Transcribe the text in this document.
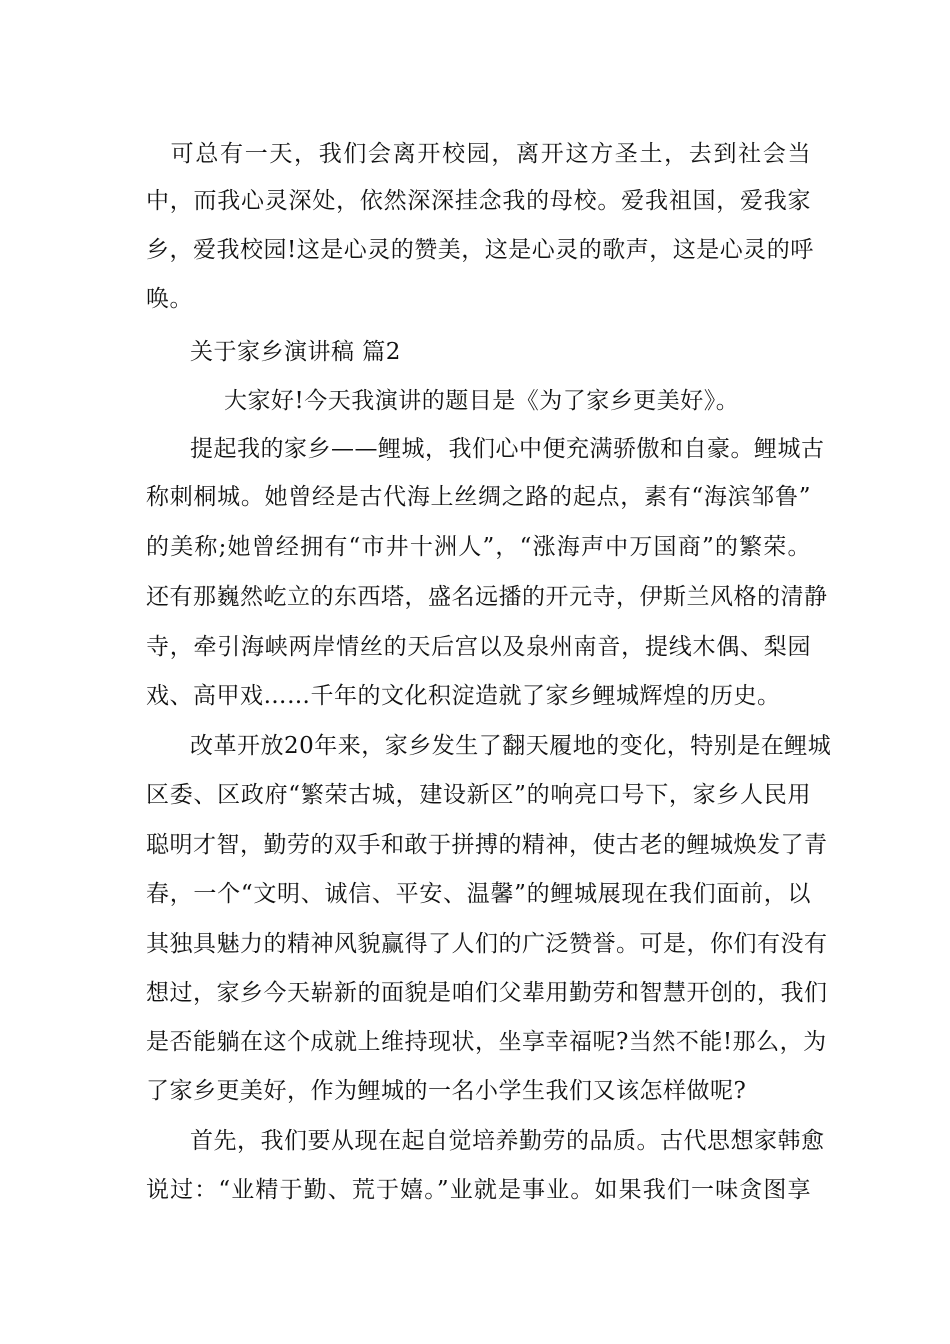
　可总有一天，我们会离开校园，离开这方圣土，去到社会当
中，而我心灵深处，依然深深挂念我的母校。爱我祖国，爱我家
乡，爱我校园!这是心灵的赞美，这是心灵的歌声，这是心灵的呼
唤。
关于家乡演讲稿 篇2
大家好!今天我演讲的题目是《为了家乡更美好》。
提起我的家乡——鲤城，我们心中便充满骄傲和自豪。鲤城古
称刺桐城。她曾经是古代海上丝绸之路的起点，素有“海滨邹鲁”
的美称;她曾经拥有“市井十洲人”，“涨海声中万国商”的繁荣。
还有那巍然屹立的东西塔，盛名远播的开元寺，伊斯兰风格的清静
寺，牵引海峡两岸情丝的天后宫以及泉州南音，提线木偶、梨园
戏、高甲戏……千年的文化积淀造就了家乡鲤城辉煌的历史。
改革开放20年来，家乡发生了翻天履地的变化，特别是在鲤城
区委、区政府“繁荣古城，建设新区”的响亮口号下，家乡人民用
聪明才智，勤劳的双手和敢于拼搏的精神，使古老的鲤城焕发了青
春，一个“文明、诚信、平安、温馨”的鲤城展现在我们面前，以
其独具魅力的精神风貌赢得了人们的广泛赞誉。可是，你们有没有
想过，家乡今天崭新的面貌是咱们父辈用勤劳和智慧开创的，我们
是否能躺在这个成就上维持现状，坐享幸福呢?当然不能!那么，为
了家乡更美好，作为鲤城的一名小学生我们又该怎样做呢?
首先，我们要从现在起自觉培养勤劳的品质。古代思想家韩愈
说过：“业精于勤、荒于嬉。”业就是事业。如果我们一味贪图享
